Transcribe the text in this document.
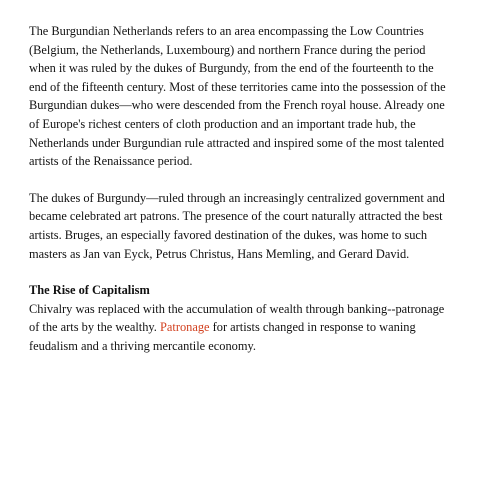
The Burgundian Netherlands refers to an area encompassing the Low Countries (Belgium, the Netherlands, Luxembourg) and northern France during the period when it was ruled by the dukes of Burgundy, from the end of the fourteenth to the end of the fifteenth century. Most of these territories came into the possession of the Burgundian dukes—who were descended from the French royal house. Already one of Europe's richest centers of cloth production and an important trade hub, the Netherlands under Burgundian rule attracted and inspired some of the most talented artists of the Renaissance period.

The dukes of Burgundy—ruled through an increasingly centralized government and became celebrated art patrons. The presence of the court naturally attracted the best artists. Bruges, an especially favored destination of the dukes, was home to such masters as Jan van Eyck, Petrus Christus, Hans Memling, and Gerard David.

The Rise of Capitalism

Chivalry was replaced with the accumulation of wealth through banking--patronage of the arts by the wealthy. Patronage for artists changed in response to waning feudalism and a thriving mercantile economy.
